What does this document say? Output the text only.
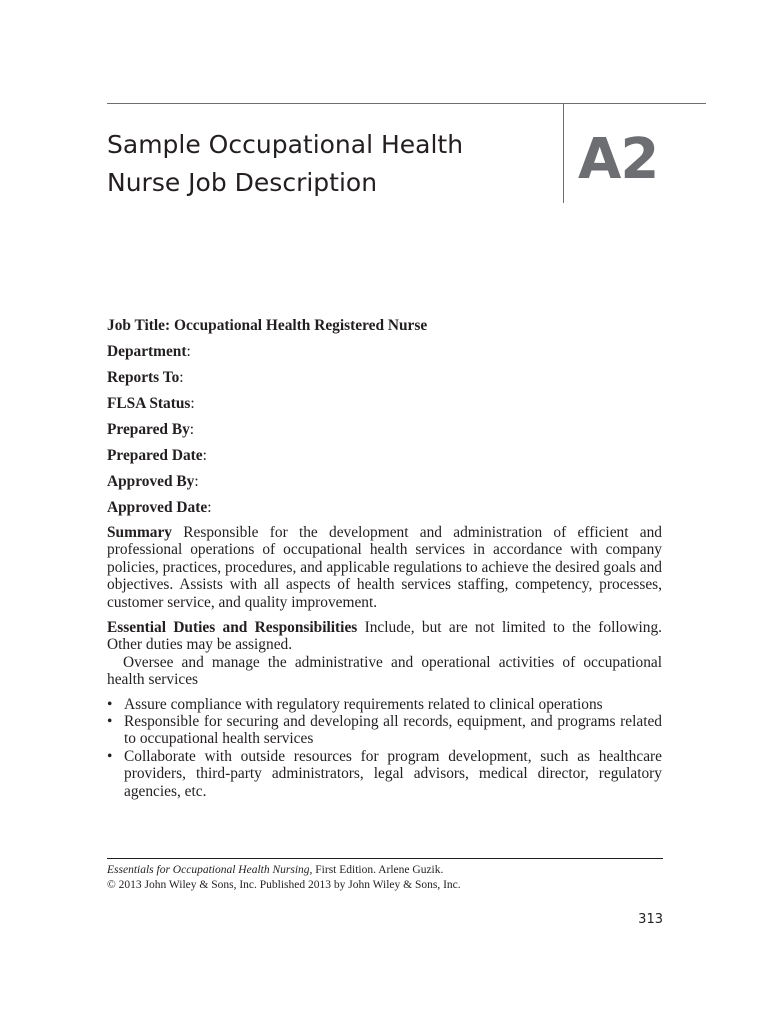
Sample Occupational Health
Nurse Job Description	A2

Job Title: Occupational Health Registered Nurse

Department:

Reports To:

FLSA Status:

Prepared By:

Prepared Date:

Approved By:

Approved Date:

Summary Responsible for the development and administration of efficient and professional operations of occupational health services in accordance with company policies, practices, procedures, and applicable regulations to achieve the desired goals and objectives. Assists with all aspects of health services staffing, competency, processes, customer service, and quality improvement.

Essential Duties and Responsibilities Include, but are not limited to the following. Other duties may be assigned.

Oversee and manage the administrative and operational activities of occupational health services

• Assure compliance with regulatory requirements related to clinical operations
• Responsible for securing and developing all records, equipment, and programs related to occupational health services
• Collaborate with outside resources for program development, such as healthcare providers, third-party administrators, legal advisors, medical director, regulatory agencies, etc.
Essentials for Occupational Health Nursing, First Edition. Arlene Guzik.
© 2013 John Wiley & Sons, Inc. Published 2013 by John Wiley & Sons, Inc.
313
